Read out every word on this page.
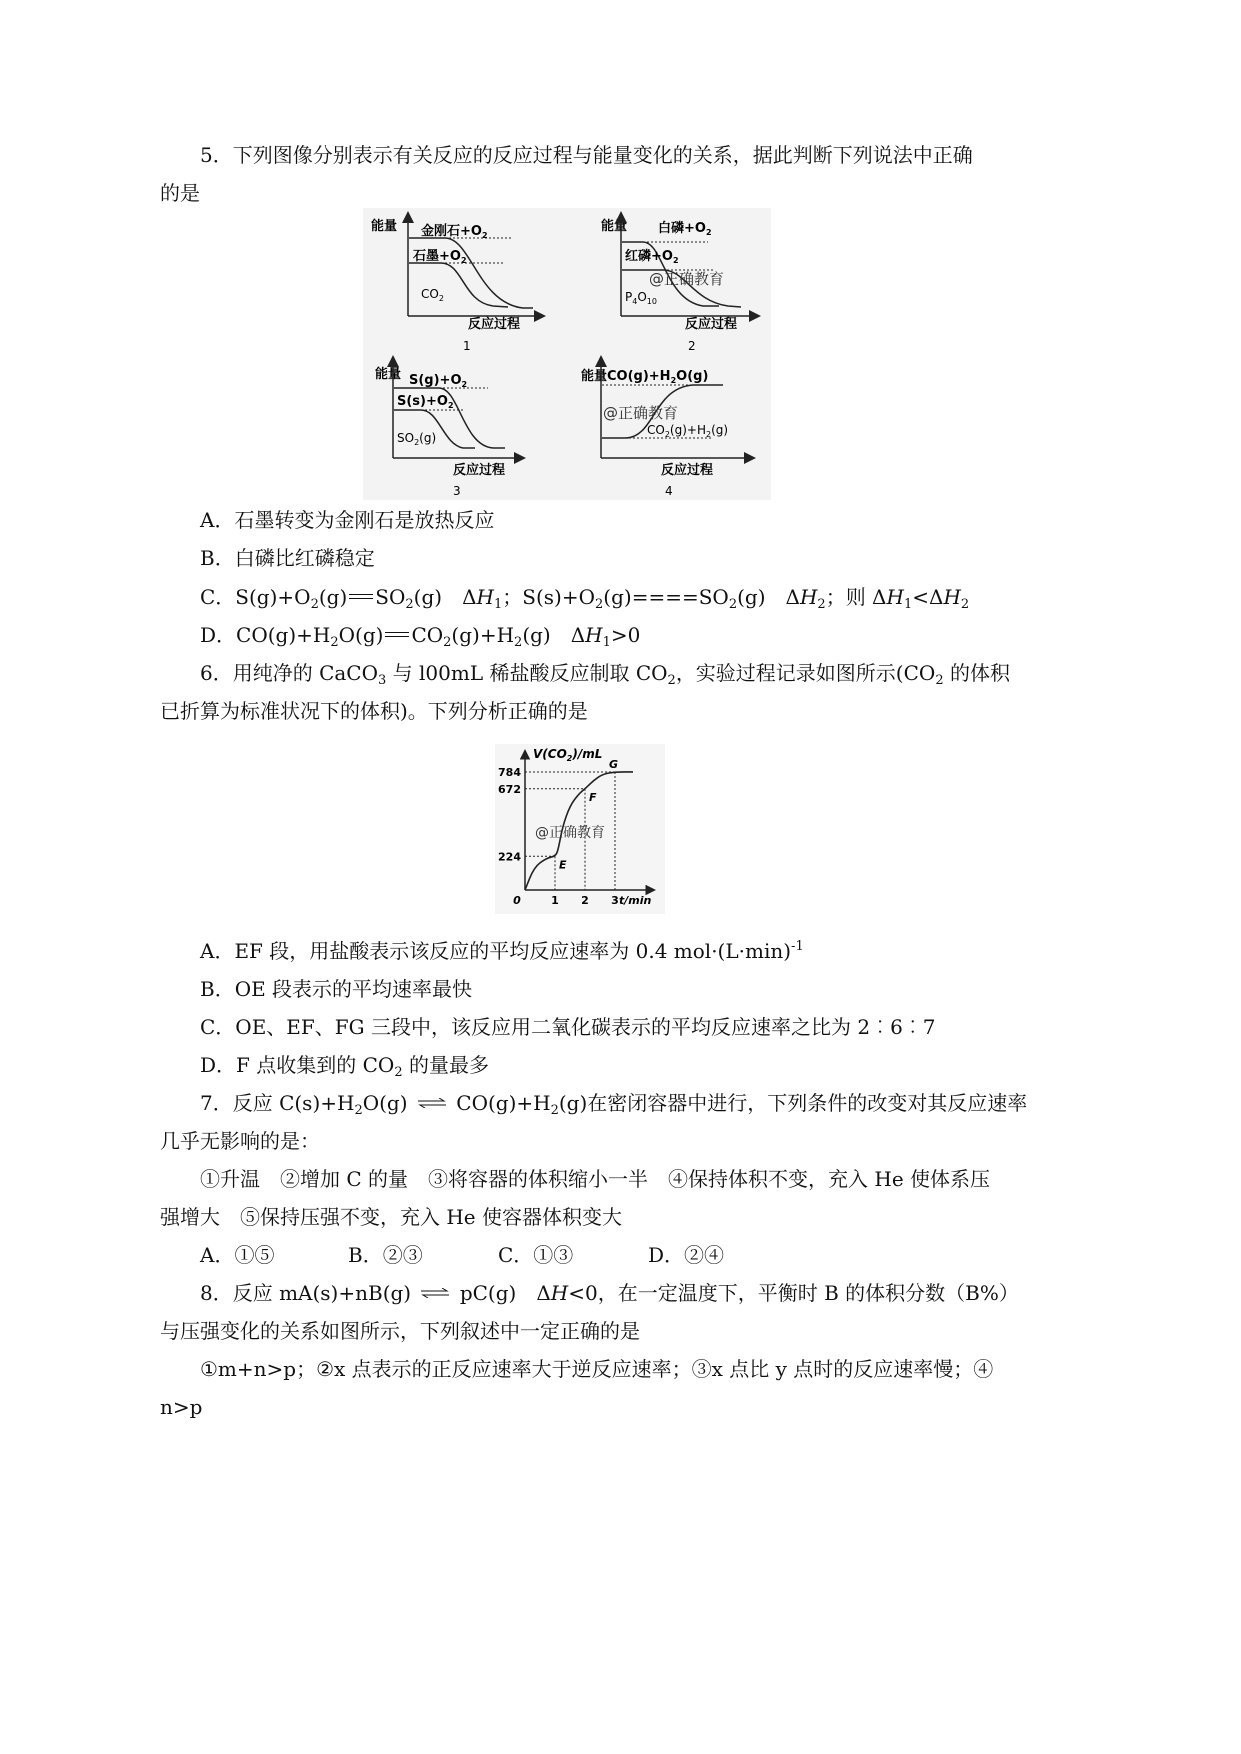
5．下列图像分别表示有关反应的反应过程与能量变化的关系，据此判断下列说法中正确
的是
能量 金刚石$+O_2$
石墨$+O_2$
$CO_2$
反应过程
1
能量 白磷$+O_2$
红磷$+O_2$
@正确教育
$P_4O_{10}$
反应过程
2
能量 $S(g)+O_2$
$S(s)+O_2$
$SO_2(g)$
反应过程
3
能量 $CO(g)+H_2O(g)$
@正确教育
$CO_2(g)+H_2(g)$
反应过程
4
A．石墨转变为金刚石是放热反应
B．白磷比红磷稳定
C．$S(g)+O_2(g)$ $SO_2(g)$　$\Delta H_1$；$S(s)+O_2(g)====SO_2(g)$　$\Delta H_2$；则 $\Delta H_1<\Delta H_2$
D．$CO(g)+H_2O(g)$ $CO_2(g)+H_2(g)$　$\Delta H_1>0$
6．用纯净的 CaCO$_3$ 与 l00mL 稀盐酸反应制取 $CO_2$，实验过程记录如图所示($CO_2$ 的体积
已折算为标准状况下的体积)。下列分析正确的是
$V(CO_2)/mL$
t/min
@正确教育
224
672
784
1 2 3
0
E
F
G
A．EF 段，用盐酸表示该反应的平均反应速率为 0.4 $mol\cdot(L\cdot\min)^{-1}$
B．OE 段表示的平均速率最快
C．OE、EF、FG 三段中，该反应用二氧化碳表示的平均反应速率之比为 2︰6︰7
D．F 点收集到的 $CO_2$ 的量最多
7．反应 $C(s)+H_2O(g)$ ⇌ $CO(g)+H_2(g)$在密闭容器中进行，下列条件的改变对其反应速率
几乎无影响的是：
①升温　②增加 C 的量　③将容器的体积缩小一半　④保持体积不变，充入 He 使体系压
强增大　⑤保持压强不变，充入 He 使容器体积变大
A．①⑤	B．②③	C．①③	D．②④
8．反应 mA(s)+nB(g) ⇌ pC(g)　ΔH<0，在一定温度下，平衡时 B 的体积分数（B%）
与压强变化的关系如图所示，下列叙述中一定正确的是
①m+n>p；②x 点表示的正反应速率大于逆反应速率；③x 点比 y 点时的反应速率慢；④
n>p
